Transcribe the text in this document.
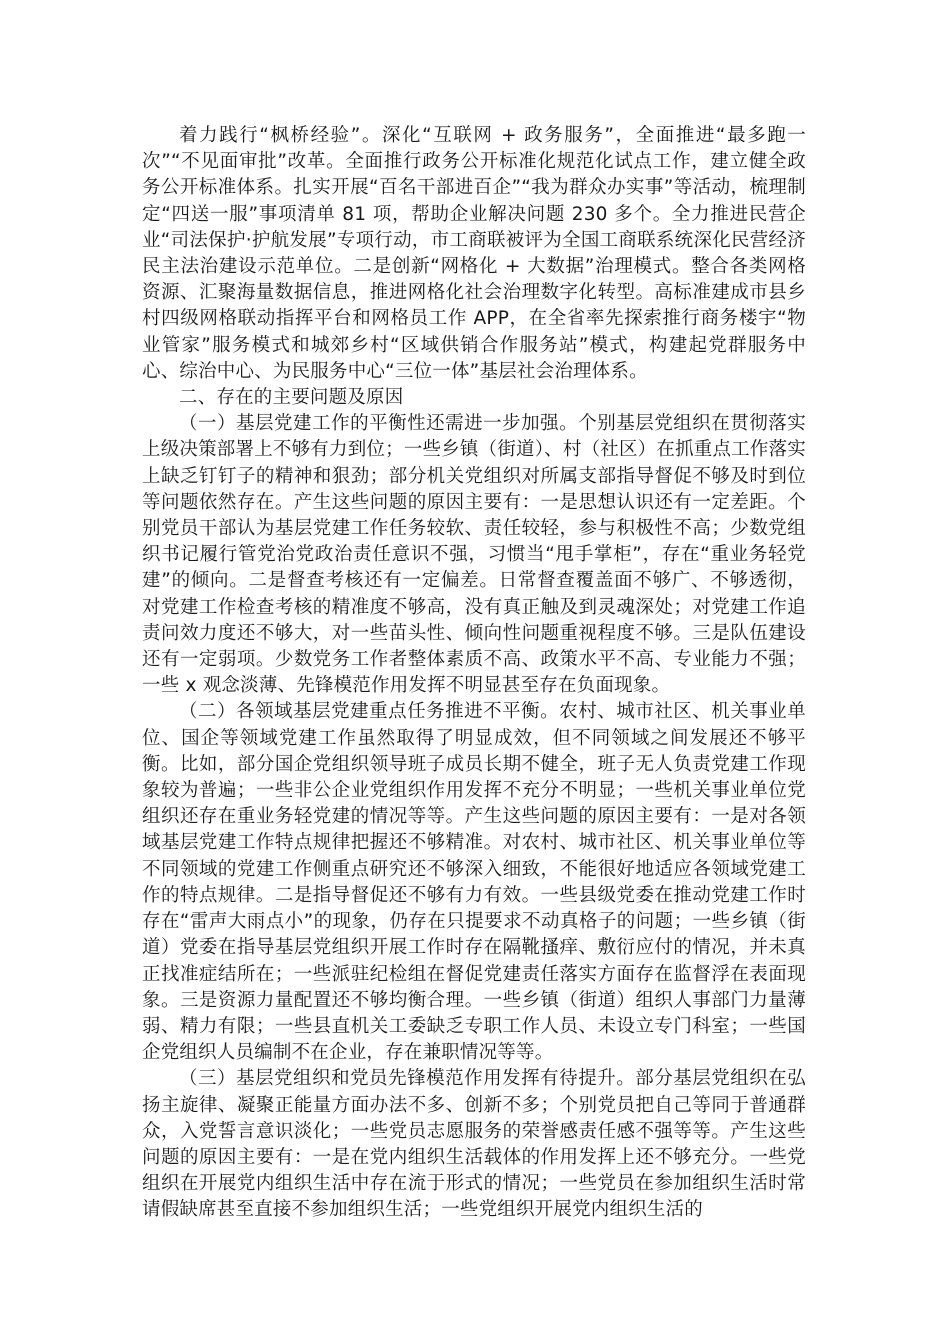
着力践行“枫桥经验”。深化“互联网 + 政务服务”，全面推进“最多跑一次”“不见面审批”改革。全面推行政务公开标准化规范化试点工作，建立健全政务公开标准体系。扎实开展“百名干部进百企”“我为群众办实事”等活动，梳理制定“四送一服”事项清单 81 项，帮助企业解决问题 230 多个。全力推进民营企业“司法保护·护航发展”专项行动，市工商联被评为全国工商联系统深化民营经济民主法治建设示范单位。二是创新“网格化 + 大数据”治理模式。整合各类网格资源、汇聚海量数据信息，推进网格化社会治理数字化转型。高标准建成市县乡村四级网格联动指挥平台和网格员工作 APP，在全省率先探索推行商务楼宇“物业管家”服务模式和城郊乡村“区域供销合作服务站”模式，构建起党群服务中心、综治中心、为民服务中心“三位一体”基层社会治理体系。

二、存在的主要问题及原因

（一）基层党建工作的平衡性还需进一步加强。个别基层党组织在贯彻落实上级决策部署上不够有力到位；一些乡镇（街道）、村（社区）在抓重点工作落实上缺乏钉钉子的精神和狠劲；部分机关党组织对所属支部指导督促不够及时到位等问题依然存在。产生这些问题的原因主要有：一是思想认识还有一定差距。个别党员干部认为基层党建工作任务较软、责任较轻，参与积极性不高；少数党组织书记履行管党治党政治责任意识不强，习惯当“甩手掌柜”，存在“重业务轻党建”的倾向。二是督查考核还有一定偏差。日常督查覆盖面不够广、不够透彻，对党建工作检查考核的精准度不够高，没有真正触及到灵魂深处；对党建工作追责问效力度还不够大，对一些苗头性、倾向性问题重视程度不够。三是队伍建设还有一定弱项。少数党务工作者整体素质不高、政策水平不高、专业能力不强；一些 x 观念淡薄、先锋模范作用发挥不明显甚至存在负面现象。

（二）各领域基层党建重点任务推进不平衡。农村、城市社区、机关事业单位、国企等领域党建工作虽然取得了明显成效，但不同领域之间发展还不够平衡。比如，部分国企党组织领导班子成员长期不健全，班子无人负责党建工作现象较为普遍；一些非公企业党组织作用发挥不充分不明显；一些机关事业单位党组织还存在重业务轻党建的情况等等。产生这些问题的原因主要有：一是对各领域基层党建工作特点规律把握还不够精准。对农村、城市社区、机关事业单位等不同领域的党建工作侧重点研究还不够深入细致，不能很好地适应各领域党建工作的特点规律。二是指导督促还不够有力有效。一些县级党委在推动党建工作时存在“雷声大雨点小”的现象，仍存在只提要求不动真格子的问题；一些乡镇（街道）党委在指导基层党组织开展工作时存在隔靴搔痒、敷衍应付的情况，并未真正找准症结所在；一些派驻纪检组在督促党建责任落实方面存在监督浮在表面现象。三是资源力量配置还不够均衡合理。一些乡镇（街道）组织人事部门力量薄弱、精力有限；一些县直机关工委缺乏专职工作人员、未设立专门科室；一些国企党组织人员编制不在企业，存在兼职情况等等。

（三）基层党组织和党员先锋模范作用发挥有待提升。部分基层党组织在弘扬主旋律、凝聚正能量方面办法不多、创新不多；个别党员把自己等同于普通群众，入党誓言意识淡化；一些党员志愿服务的荣誉感责任感不强等等。产生这些问题的原因主要有：一是在党内组织生活载体的作用发挥上还不够充分。一些党组织在开展党内组织生活中存在流于形式的情况；一些党员在参加组织生活时常请假缺席甚至直接不参加组织生活；一些党组织开展党内组织生活的
